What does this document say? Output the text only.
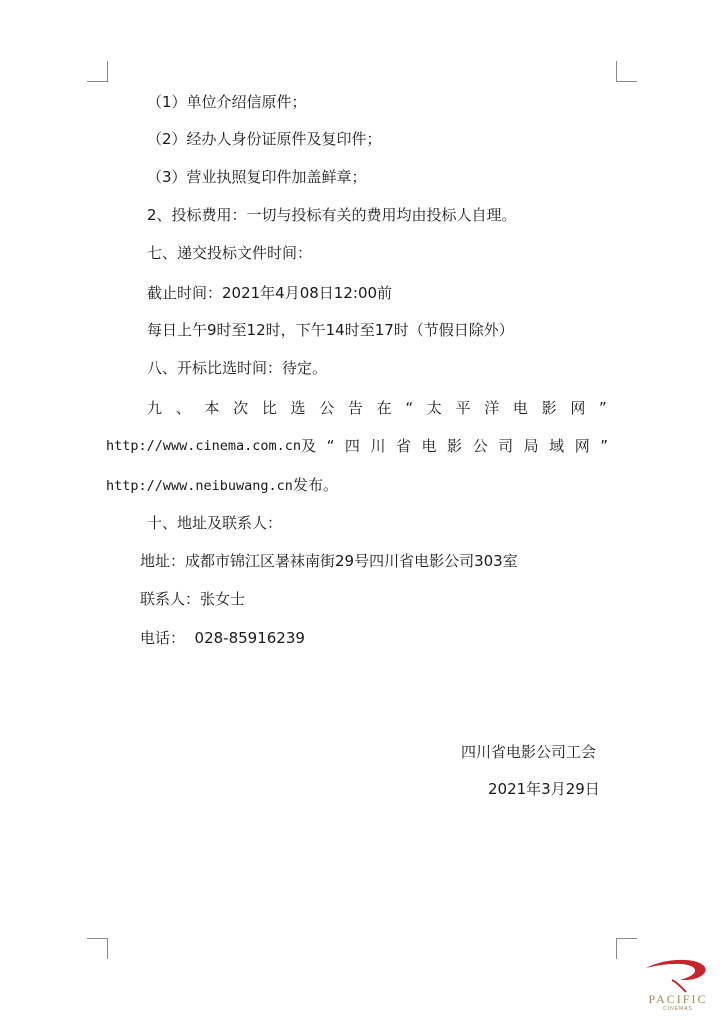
（1）单位介绍信原件；
（2）经办人身份证原件及复印件；
（3）营业执照复印件加盖鲜章；
2、投标费用：一切与投标有关的费用均由投标人自理。
七、递交投标文件时间：
截止时间：2021年4月08日12:00前
每日上午9时至12时，下午14时至17时（节假日除外）
八、开标比选时间：待定。
九 、 本 次 比 选 公 告 在 “ 太 平 洋 电 影 网 ”
http://www.cinema.com.cn 及 “ 四 川 省 电 影 公 司 局 域 网 ”
http://www.neibuwang.cn发布。
十、地址及联系人：
地址：成都市锦江区暑袜南街29号四川省电影公司303室
联系人：张女士
电话：  028-85916239
四川省电影公司工会
2021年3月29日
PACIFIC
CINEMAS
